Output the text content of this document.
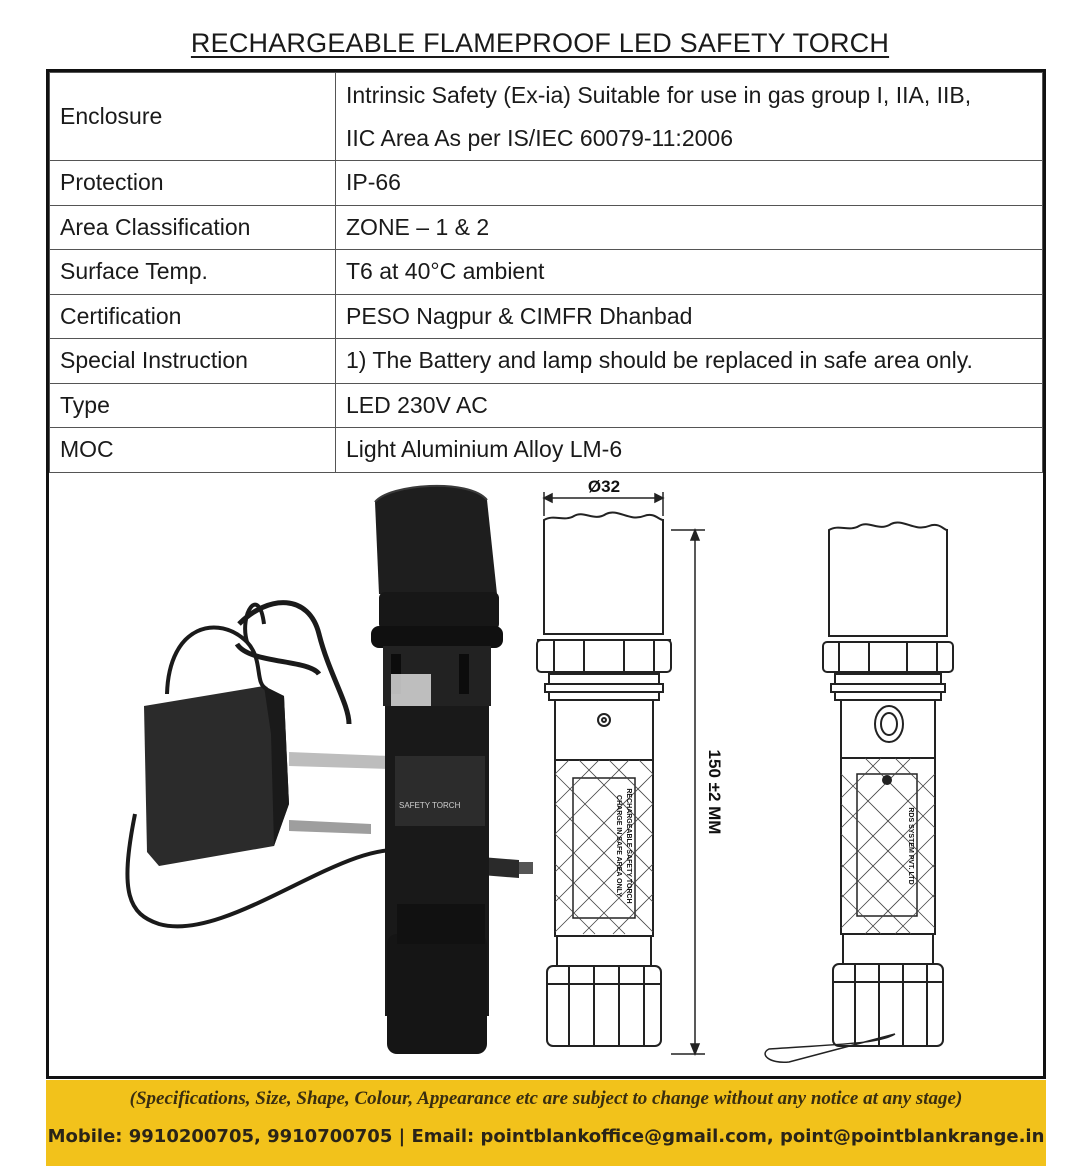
RECHARGEABLE FLAMEPROOF LED SAFETY TORCH
Enclosure	Intrinsic Safety (Ex-ia) Suitable for use in gas group I, IIA, IIB,
IIC Area As per IS/IEC 60079-11:2006

Protection	IP-66
Area Classification	ZONE – 1 & 2
Surface Temp.	T6 at 40°C ambient
Certification	PESO Nagpur & CIMFR Dhanbad
Special Instruction	1) The Battery and lamp should be replaced in safe area only.
Type	LED 230V AC
MOC	Light Aluminium Alloy LM-6
SAFETY TORCH	RECHARGEABLE SAFETY TORCH
CHARGE IN SAFE AREA ONLY
Ø32
150 ±2 MM
RDS SYSTEM PVT. LTD
(Specifications, Size, Shape, Colour, Appearance etc are subject to change without any notice at any stage)
Mobile: 9910200705, 9910700705 | Email: pointblankoffice@gmail.com, point@pointblankrange.in
